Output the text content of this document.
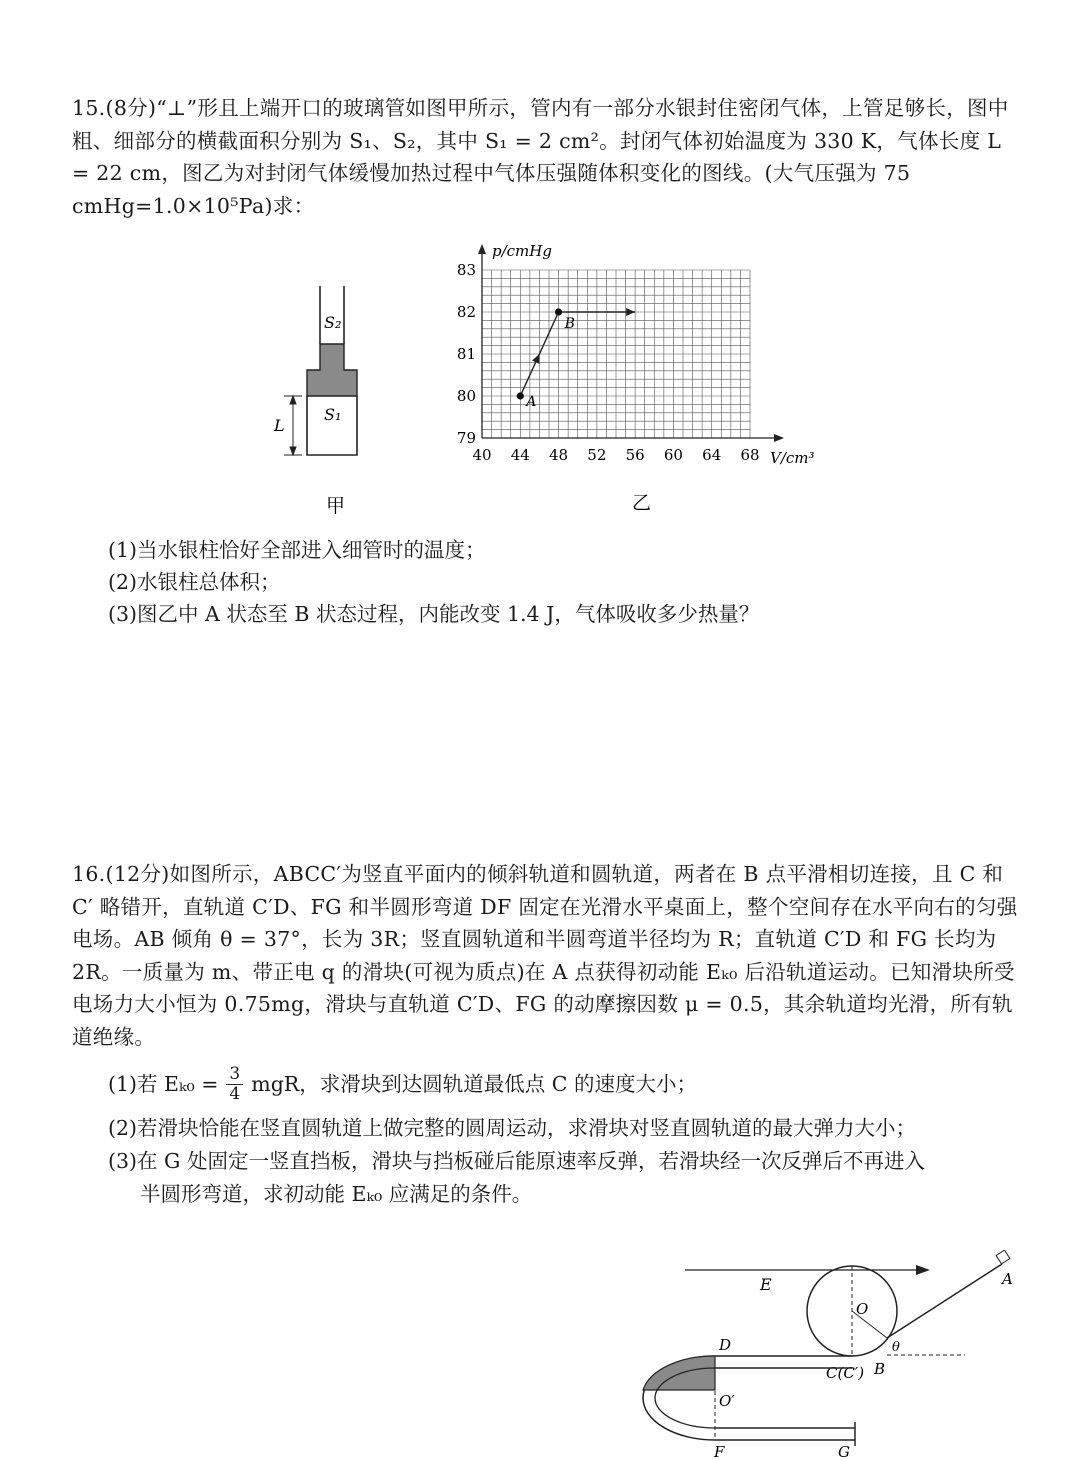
15.(8分)“⊥”形且上端开口的玻璃管如图甲所示，管内有一部分水银封住密闭气体，上管足够长，图中粗、细部分的横截面积分别为 S₁、S₂，其中 S₁ = 2 cm²。封闭气体初始温度为 330 K，气体长度 L = 22 cm，图乙为对封闭气体缓慢加热过程中气体压强随体积变化的图线。(大气压强为 75 cmHg=1.0×10⁵Pa)求：
S₂
S₁
L
甲
40 44 48 52 56 60 64 68
79
80
81
82
83
A
B
p/cmHg
V/cm³
乙
(1)当水银柱恰好全部进入细管时的温度；
(2)水银柱总体积；
(3)图乙中 A 状态至 B 状态过程，内能改变 1.4 J，气体吸收多少热量？
16.(12分)如图所示，ABCC′为竖直平面内的倾斜轨道和圆轨道，两者在 B 点平滑相切连接，且 C 和 C′ 略错开，直轨道 C′D、FG 和半圆形弯道 DF 固定在光滑水平桌面上，整个空间存在水平向右的匀强电场。AB 倾角 θ = 37°，长为 3R；竖直圆轨道和半圆弯道半径均为 R；直轨道 C′D 和 FG 长均为 2R。一质量为 m、带正电 q 的滑块(可视为质点)在 A 点获得初动能 Eₖ₀ 后沿轨道运动。已知滑块所受电场力大小恒为 0.75mg，滑块与直轨道 C′D、FG 的动摩擦因数 μ = 0.5，其余轨道均光滑，所有轨道绝缘。
(1)若 $E_{k0} = \frac{3}{4}$ mgR，求滑块到达圆轨道最低点 C 的速度大小；
(2)若滑块恰能在竖直圆轨道上做完整的圆周运动，求滑块对竖直圆轨道的最大弹力大小；
(3)在 G 处固定一竖直挡板，滑块与挡板碰后能原速率反弹，若滑块经一次反弹后不再进入
半圆形弯道，求初动能 Eₖ₀ 应满足的条件。
E
O
A
θ
B
C(C′)
D
O′
F	G
